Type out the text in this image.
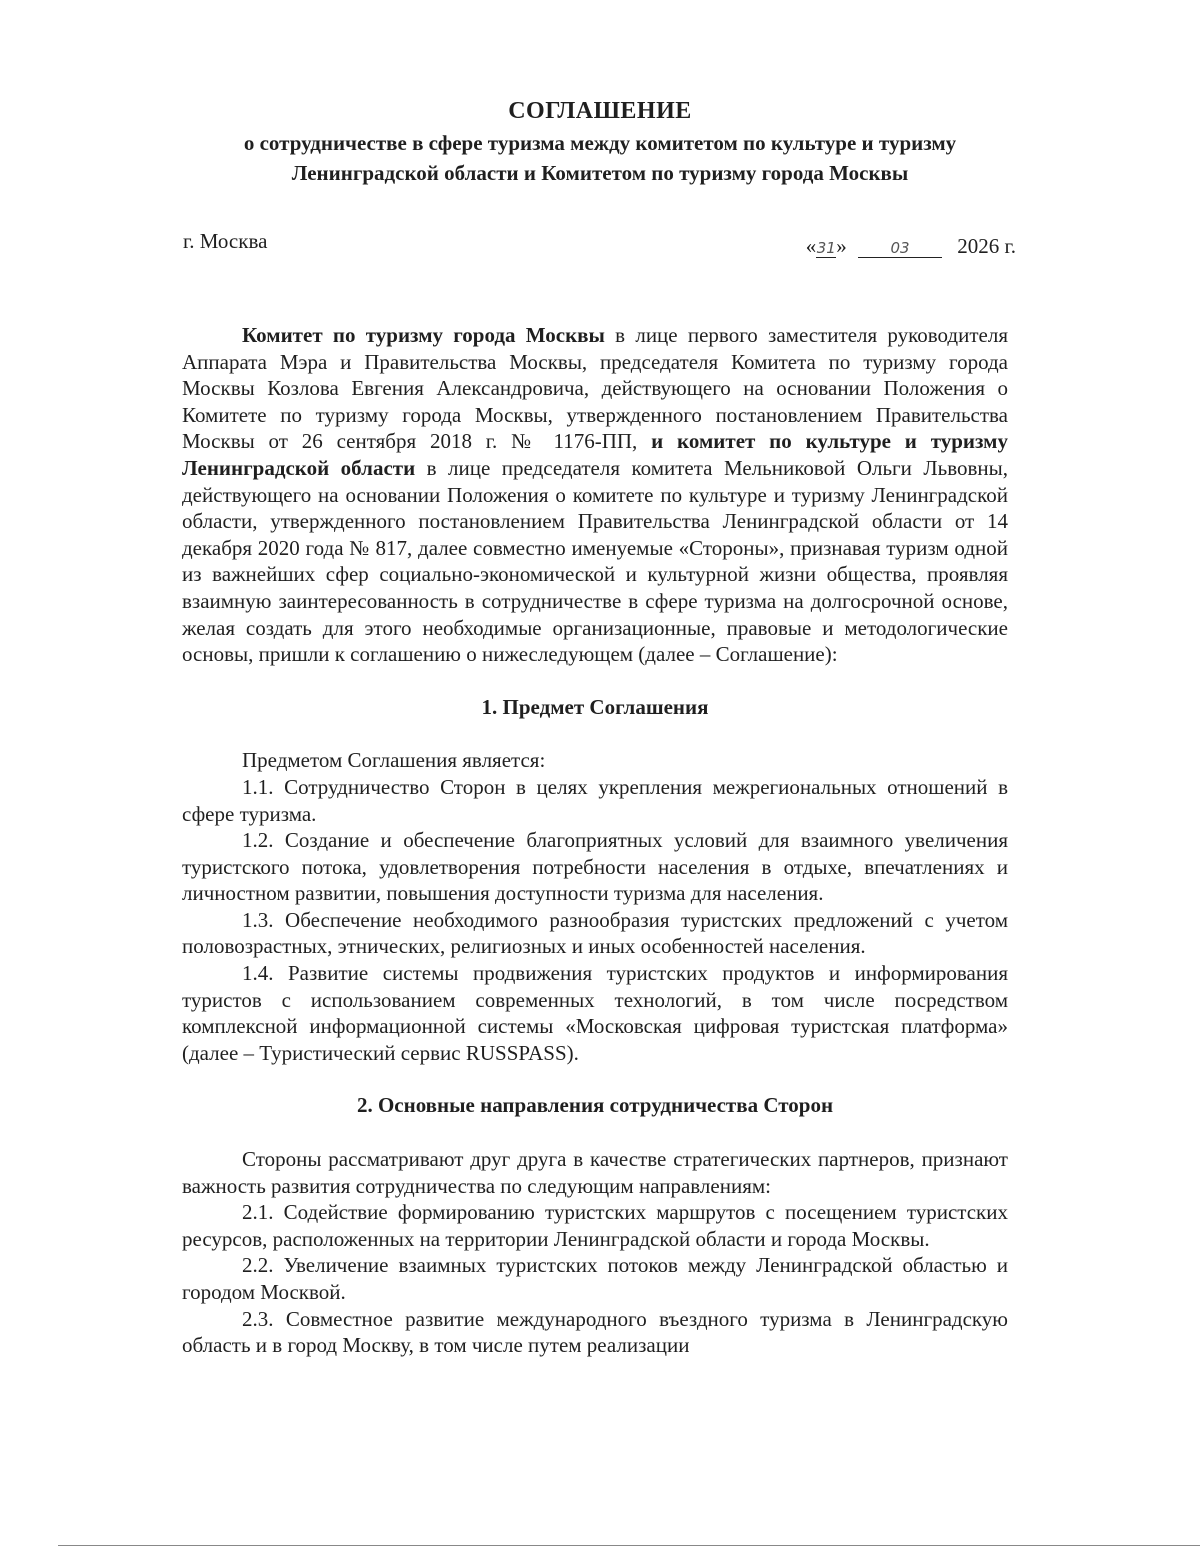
СОГЛАШЕНИЕ
о сотрудничестве в сфере туризма между комитетом по культуре и туризму
Ленинградской области и Комитетом по туризму города Москвы
г. Москва	«31»	03 2026 г.

Комитет по туризму города Москвы в лице первого заместителя руководителя Аппарата Мэра и Правительства Москвы, председателя Комитета по туризму города Москвы Козлова Евгения Александровича, действующего на основании Положения о Комитете по туризму города Москвы, утвержденного постановлением Правительства Москвы от 26 сентября 2018 г. № 1176-ПП, и комитет по культуре и туризму Ленинградской области в лице председателя комитета Мельниковой Ольги Львовны, действующего на основании Положения о комитете по культуре и туризму Ленинградской области, утвержденного постановлением Правительства Ленинградской области от 14 декабря 2020 года № 817, далее совместно именуемые «Стороны», признавая туризм одной из важнейших сфер социально-экономической и культурной жизни общества, проявляя взаимную заинтересованность в сотрудничестве в сфере туризма на долгосрочной основе, желая создать для этого необходимые организационные, правовые и методологические основы, пришли к соглашению о нижеследующем (далее – Соглашение):

1. Предмет Соглашения

Предметом Соглашения является:

1.1. Сотрудничество Сторон в целях укрепления межрегиональных отношений в сфере туризма.

1.2. Создание и обеспечение благоприятных условий для взаимного увеличения туристского потока, удовлетворения потребности населения в отдыхе, впечатлениях и личностном развитии, повышения доступности туризма для населения.

1.3. Обеспечение необходимого разнообразия туристских предложений с учетом половозрастных, этнических, религиозных и иных особенностей населения.

1.4. Развитие системы продвижения туристских продуктов и информирования туристов с использованием современных технологий, в том числе посредством комплексной информационной системы «Московская цифровая туристская платформа» (далее – Туристический сервис RUSSPASS).

2. Основные направления сотрудничества Сторон

Стороны рассматривают друг друга в качестве стратегических партнеров, признают важность развития сотрудничества по следующим направлениям:

2.1. Содействие формированию туристских маршрутов с посещением туристских ресурсов, расположенных на территории Ленинградской области и города Москвы.

2.2. Увеличение взаимных туристских потоков между Ленинградской областью и городом Москвой.

2.3. Совместное развитие международного въездного туризма в Ленинградскую область и в город Москву, в том числе путем реализации
